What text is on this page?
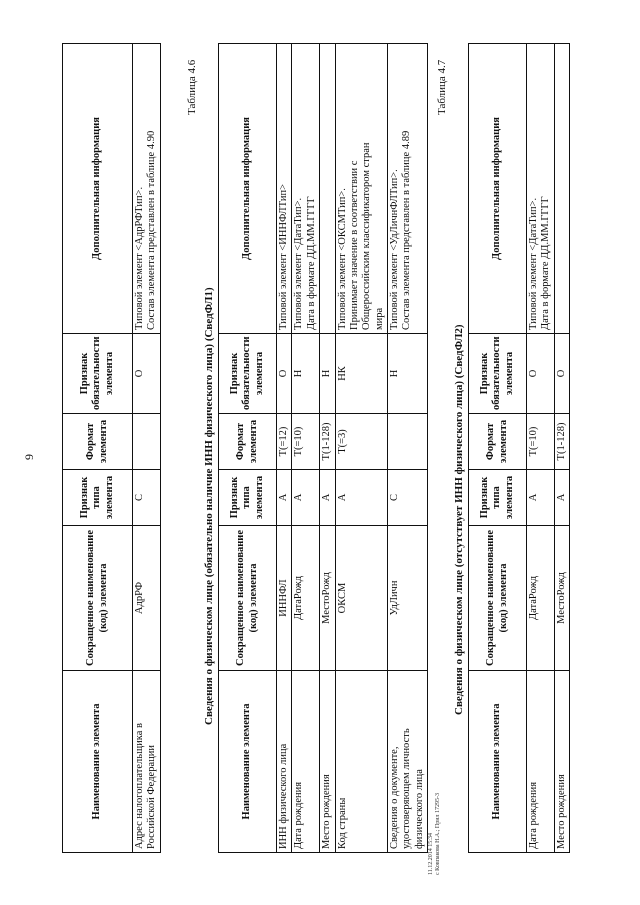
9
Наименование элемента	Сокращенное наименование (код) элемента	Признак типа элемента	Формат элемента	Признак обязательности элемента	Дополнительная информация
Адрес налогоплательщика в Российской Федерации	АдрРФ	С		О	Типовой элемент <АдрРФТип>. Состав элемента представлен в таблице 4.90
Таблица 4.6
Сведения о физическом лице (обязательно наличие ИНН физического лица) (СведФЛ1)
Наименование элемента	Сокращенное наименование (код) элемента	Признак типа элемента	Формат элемента	Признак обязательности элемента	Дополнительная информация
ИНН физического лица	ИННФЛ	А	Т(=12)	О	Типовой элемент <ИННФЛТип>

Дата рождения	ДатаРожд	А	Т(=10)	Н	Типовой элемент <ДатаТип>. Дата в формате ДД.ММ.ГГГГ

Место рождения	МестоРожд	А	Т(1-128)	Н	
Код страны	ОКСМ	А	Т(=3)	НК	Типовой элемент <ОКСМТип>. Принимает значение в соответствии с Общероссийским классификатором стран мира

Сведения о документе, удостоверяющем личность физического лица	УдЛичн	С		Н	Типовой элемент <УдЛичнФЛТип>. Состав элемента представлен в таблице 4.89
Таблица 4.7
Сведения о физическом лице (отсутствует ИНН физического лица) (СведФЛ2)
Наименование элемента	Сокращенное наименование (код) элемента	Признак типа элемента	Формат элемента	Признак обязательности элемента	Дополнительная информация
Дата рождения	ДатаРожд	А	Т(=10)	О	Типовой элемент <ДатаТип>. Дата в формате ДД.ММ.ГГГГ

Место рождения	МестоРожд	А	Т(1-128)	О	
11.12.2014 15:34 с Ковпакова Н.А.; Прил 17295-3
